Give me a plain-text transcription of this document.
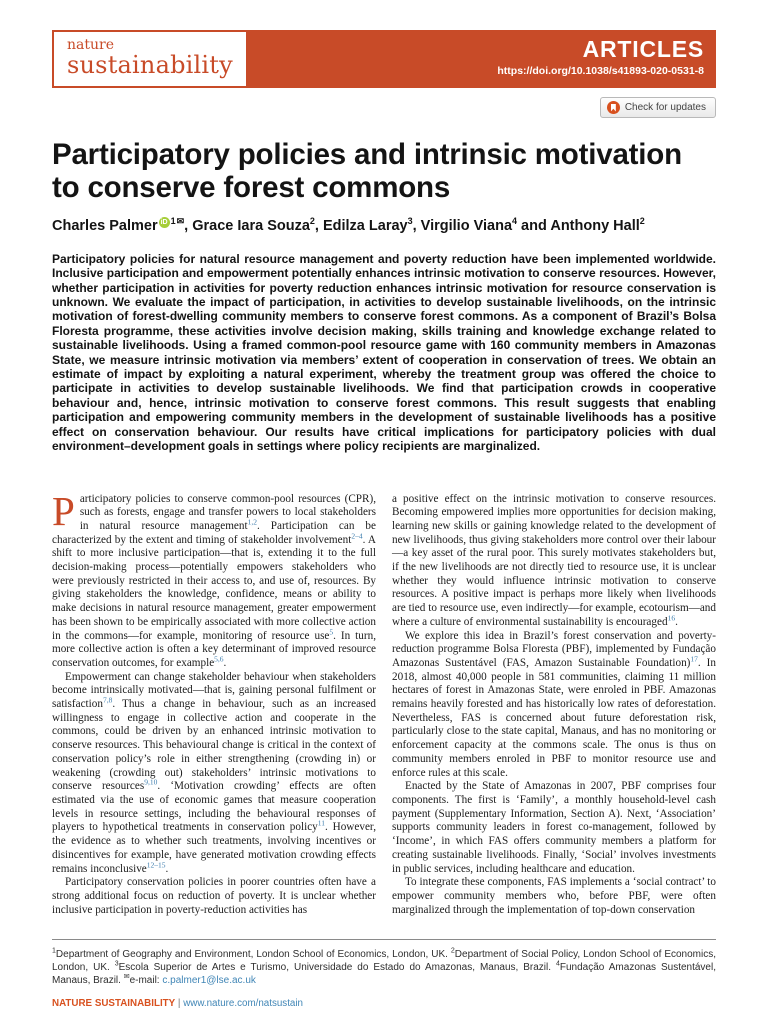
nature
sustainability
ARTICLES
https://doi.org/10.1038/s41893-020-0531-8
Check for updates
Participatory policies and intrinsic motivation
to conserve forest commons

Charles Palmer iD $^{1✉}$, Grace Iara Souza$^2$, Edilza Laray$^3$, Virgilio Viana$^4$ and Anthony Hall$^2$

Participatory policies for natural resource management and poverty reduction have been implemented worldwide. Inclusive participation and empowerment potentially enhances intrinsic motivation to conserve resources. However, whether participation in activities for poverty reduction enhances intrinsic motivation for resource conservation is unknown. We evaluate the impact of participation, in activities to develop sustainable livelihoods, on the intrinsic motivation of forest-dwelling community members to conserve forest commons. As a component of Brazil’s Bolsa Floresta programme, these activities involve decision making, skills training and knowledge exchange related to sustainable livelihoods. Using a framed common-pool resource game with 160 community members in Amazonas State, we measure intrinsic motivation via members’ extent of cooperation in conservation of trees. We obtain an estimate of impact by exploiting a natural experiment, whereby the treatment group was offered the choice to participate in activities to develop sustainable livelihoods. We find that participation crowds in cooperative behaviour and, hence, intrinsic motivation to conserve forest commons. This result suggests that enabling participation and empowering community members in the development of sustainable livelihoods has a positive effect on conservation behaviour. Our results have critical implications for participatory policies with dual environment–development goals in settings where policy recipients are marginalized.

Participatory policies to conserve common-pool resources (CPR), such as forests, engage and transfer powers to local stakeholders in natural resource management$^{1,2}$. Participation can be characterized by the extent and timing of stakeholder involvement$^{2-4}$. A shift to more inclusive participation—that is, extending it to the full decision-making process—potentially empowers stakeholders who were previously restricted in their access to, and use of, resources. By giving stakeholders the knowledge, confidence, means or ability to make decisions in natural resource management, greater empowerment has been shown to be empirically associated with more collective action in the commons—for example, monitoring of resource use$^5$. In turn, more collective action is often a key determinant of improved resource conservation outcomes, for example$^{5,6}$.

Empowerment can change stakeholder behaviour when stakeholders become intrinsically motivated—that is, gaining personal fulfilment or satisfaction$^{7,8}$. Thus a change in behaviour, such as an increased willingness to engage in collective action and cooperate in the commons, could be driven by an enhanced intrinsic motivation to conserve resources. This behavioural change is critical in the context of conservation policy’s role in either strengthening (crowding in) or weakening (crowding out) stakeholders’ intrinsic motivations to conserve resources$^{9,10}$. ‘Motivation crowding’ effects are often estimated via the use of economic games that measure cooperation levels in resource settings, including the behavioural responses of players to hypothetical treatments in conservation policy$^{11}$. However, the evidence as to whether such treatments, involving incentives or disincentives for example, have generated motivation crowding effects remains inconclusive$^{12-15}$.

Participatory conservation policies in poorer countries often have a strong additional focus on reduction of poverty. It is unclear whether inclusive participation in poverty-reduction activities has

a positive effect on the intrinsic motivation to conserve resources. Becoming empowered implies more opportunities for decision making, learning new skills or gaining knowledge related to the development of new livelihoods, thus giving stakeholders more control over their labour—a key asset of the rural poor. This surely motivates stakeholders but, if the new livelihoods are not directly tied to resource use, it is unclear whether they would influence intrinsic motivation to conserve resources. A positive impact is perhaps more likely when livelihoods are tied to resource use, even indirectly—for example, ecotourism—and where a culture of environmental sustainability is encouraged$^{16}$.

We explore this idea in Brazil’s forest conservation and poverty-reduction programme Bolsa Floresta (PBF), implemented by Fundação Amazonas Sustentável (FAS, Amazon Sustainable Foundation)$^{17}$. In 2018, almost 40,000 people in 581 communities, claiming 11 million hectares of forest in Amazonas State, were enroled in PBF. Amazonas remains heavily forested and has historically low rates of deforestation. Nevertheless, FAS is concerned about future deforestation risk, particularly close to the state capital, Manaus, and has no monitoring or enforcement capacity at the commons scale. The onus is thus on community members enroled in PBF to monitor resource use and enforce rules at this scale.

Enacted by the State of Amazonas in 2007, PBF comprises four components. The first is ‘Family’, a monthly household-level cash payment (Supplementary Information, Section A). Next, ‘Association’ supports community leaders in forest co-management, followed by ‘Income’, in which FAS offers community members a platform for creating sustainable livelihoods. Finally, ‘Social’ involves investments in public services, including healthcare and education.

To integrate these components, FAS implements a ‘social contract’ to empower community members who, before PBF, were often marginalized through the implementation of top-down conservation

$^1$Department of Geography and Environment, London School of Economics, London, UK. $^2$Department of Social Policy, London School of Economics, London, UK. $^3$Escola Superior de Artes e Turismo, Universidade do Estado do Amazonas, Manaus, Brazil. $^4$Fundação Amazonas Sustentável, Manaus, Brazil. ✉e-mail: c.palmer1@lse.ac.uk

NATURE SUSTAINABILITY | www.nature.com/natsustain
